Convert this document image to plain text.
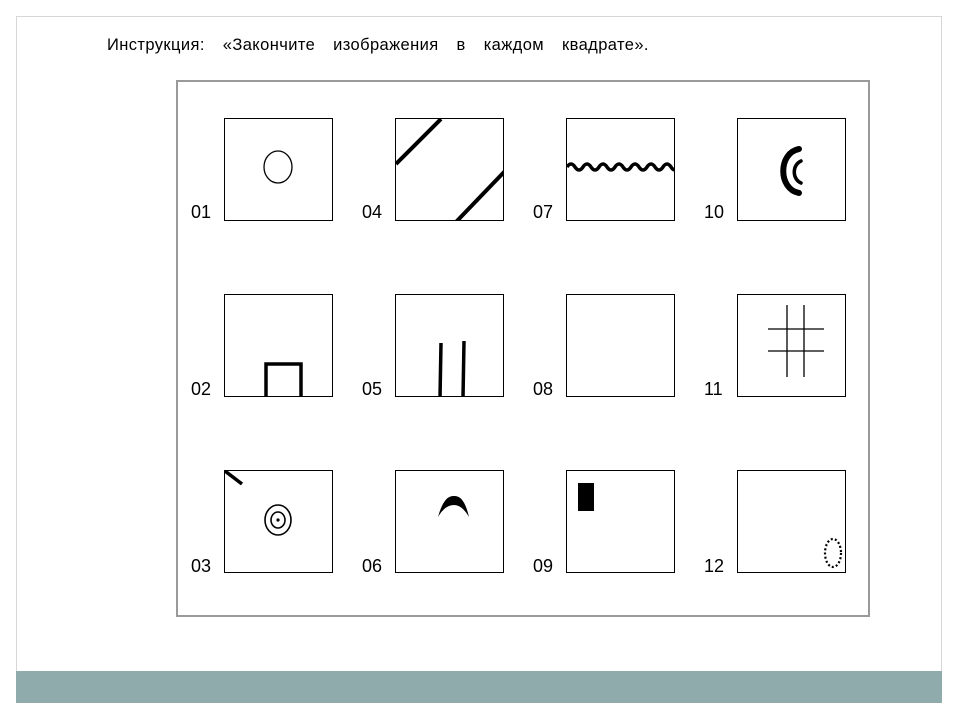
Инструкция:  «Закончите  изображения  в  каждом  квадрате».
01
02
03
04
05
06
07
08
09
10
11
12
